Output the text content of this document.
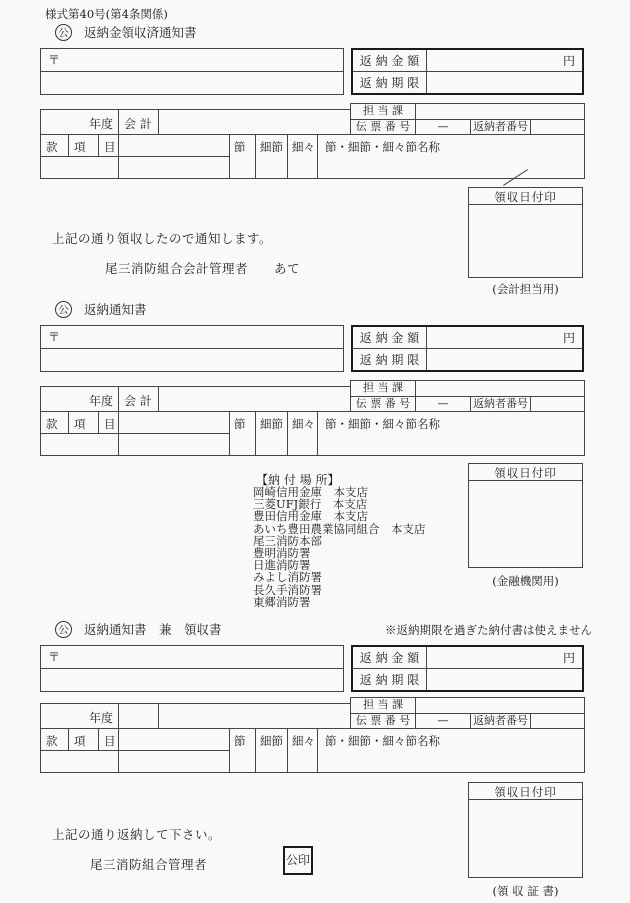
様式第40号(第4条関係)
公 返納金領収済通知書
〒	返 納 金 額	円
返 納 期 限
年度 会 計
担 当 課
伝 票 番 号	—	返納者番号
款	項	目	節	細節 細々 節・細節・細々節名称
領収日付印
(会計担当用)
上記の通り領収したので通知します。
尾三消防組合会計管理者　　あて
公 返納通知書
〒	返 納 金 額	円
返 納 期 限
年度 会 計
担 当 課
伝 票 番 号	—	返納者番号
款	項	目	節	細節 細々 節・細節・細々節名称
【納 付 場 所】
岡崎信用金庫　本支店
三菱UFJ銀行　本支店
豊田信用金庫　本支店
あいち豊田農業協同組合　本支店
尾三消防本部
豊明消防署
日進消防署
みよし消防署
長久手消防署
東郷消防署
領収日付印
(金融機関用)
公 返納通知書　兼　領収書	※返納期限を過ぎた納付書は使えません
〒	返 納 金 額	円
返 納 期 限
年度
担 当 課
伝 票 番 号	—	返納者番号
款	項	目	節	細節 細々 節・細節・細々節名称
領収日付印
(領 収 証 書)
上記の通り返納して下さい。
尾三消防組合管理者	公印
